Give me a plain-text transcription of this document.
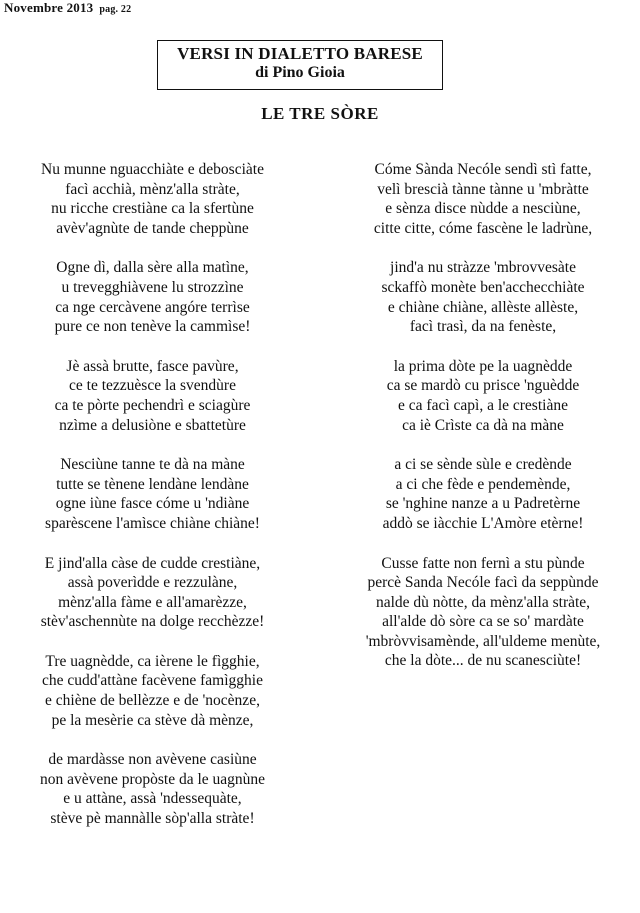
Novembre 2013 pag. 22
VERSI IN DIALETTO BARESE
di Pino Gioia
LE TRE SÒRE
Nu munne nguacchiàte e debosciàte
facì acchià, mènz'alla stràte,
nu ricche crestiàne ca la sfertùne
avèv'agnùte de tande cheppùne
Ogne dì, dalla sère alla matìne,
u trevegghiàvene lu strozzìne
ca nge cercàvene angóre terrìse
pure ce non tenève la cammìse!
Jè assà brutte, fasce pavùre,
ce te tezzuèsce la svendùre
ca te pòrte pechendrì e sciagùre
nzìme a delusiòne e sbattetùre
Nesciùne tanne te dà na màne
tutte se tènene lendàne lendàne
ogne iùne fasce cóme u 'ndiàne
sparèscene l'amìsce chiàne chiàne!
E jind'alla càse de cudde crestiàne,
assà poverìdde e rezzulàne,
mènz'alla fàme e all'amarèzze,
stèv'aschennùte na dolge recchèzze!
Tre uagnèdde, ca ièrene le fìgghie,
che cudd'attàne facèvene famìgghie
e chiène de bellèzze e de 'nocènze,
pe la mesèrie ca stève dà mènze,
de mardàsse non avèvene casiùne
non avèvene propòste da le uagnùne
e u attàne, assà 'ndessequàte,
stève pè mannàlle sòp'alla stràte!
Cóme Sànda Necóle sendì stì fatte,
velì brescià tànne tànne u 'mbràtte
e sènza disce nùdde a nesciùne,
citte citte, cóme fascène le ladrùne,
jind'a nu stràzze 'mbrovvesàte
sckaffò monète ben'acchecchiàte
e chiàne chiàne, allèste allèste,
facì trasì, da na fenèste,
la prima dòte pe la uagnèdde
ca se mardò cu prisce 'nguèdde
e ca facì capì, a le crestiàne
ca iè Crìste ca dà na màne
a ci se sènde sùle e credènde
a ci che fède e pendemènde,
se 'nghine nanze a u Padretèrne
addò se iàcchie L'Amòre etèrne!
Cusse fatte non fernì a stu pùnde
percè Sanda Necóle facì da seppùnde
nalde dù nòtte, da mènz'alla stràte,
all'alde dò sòre ca se so' mardàte
'mbròvvisamènde, all'uldeme menùte,
che la dòte... de nu scanesciùte!
